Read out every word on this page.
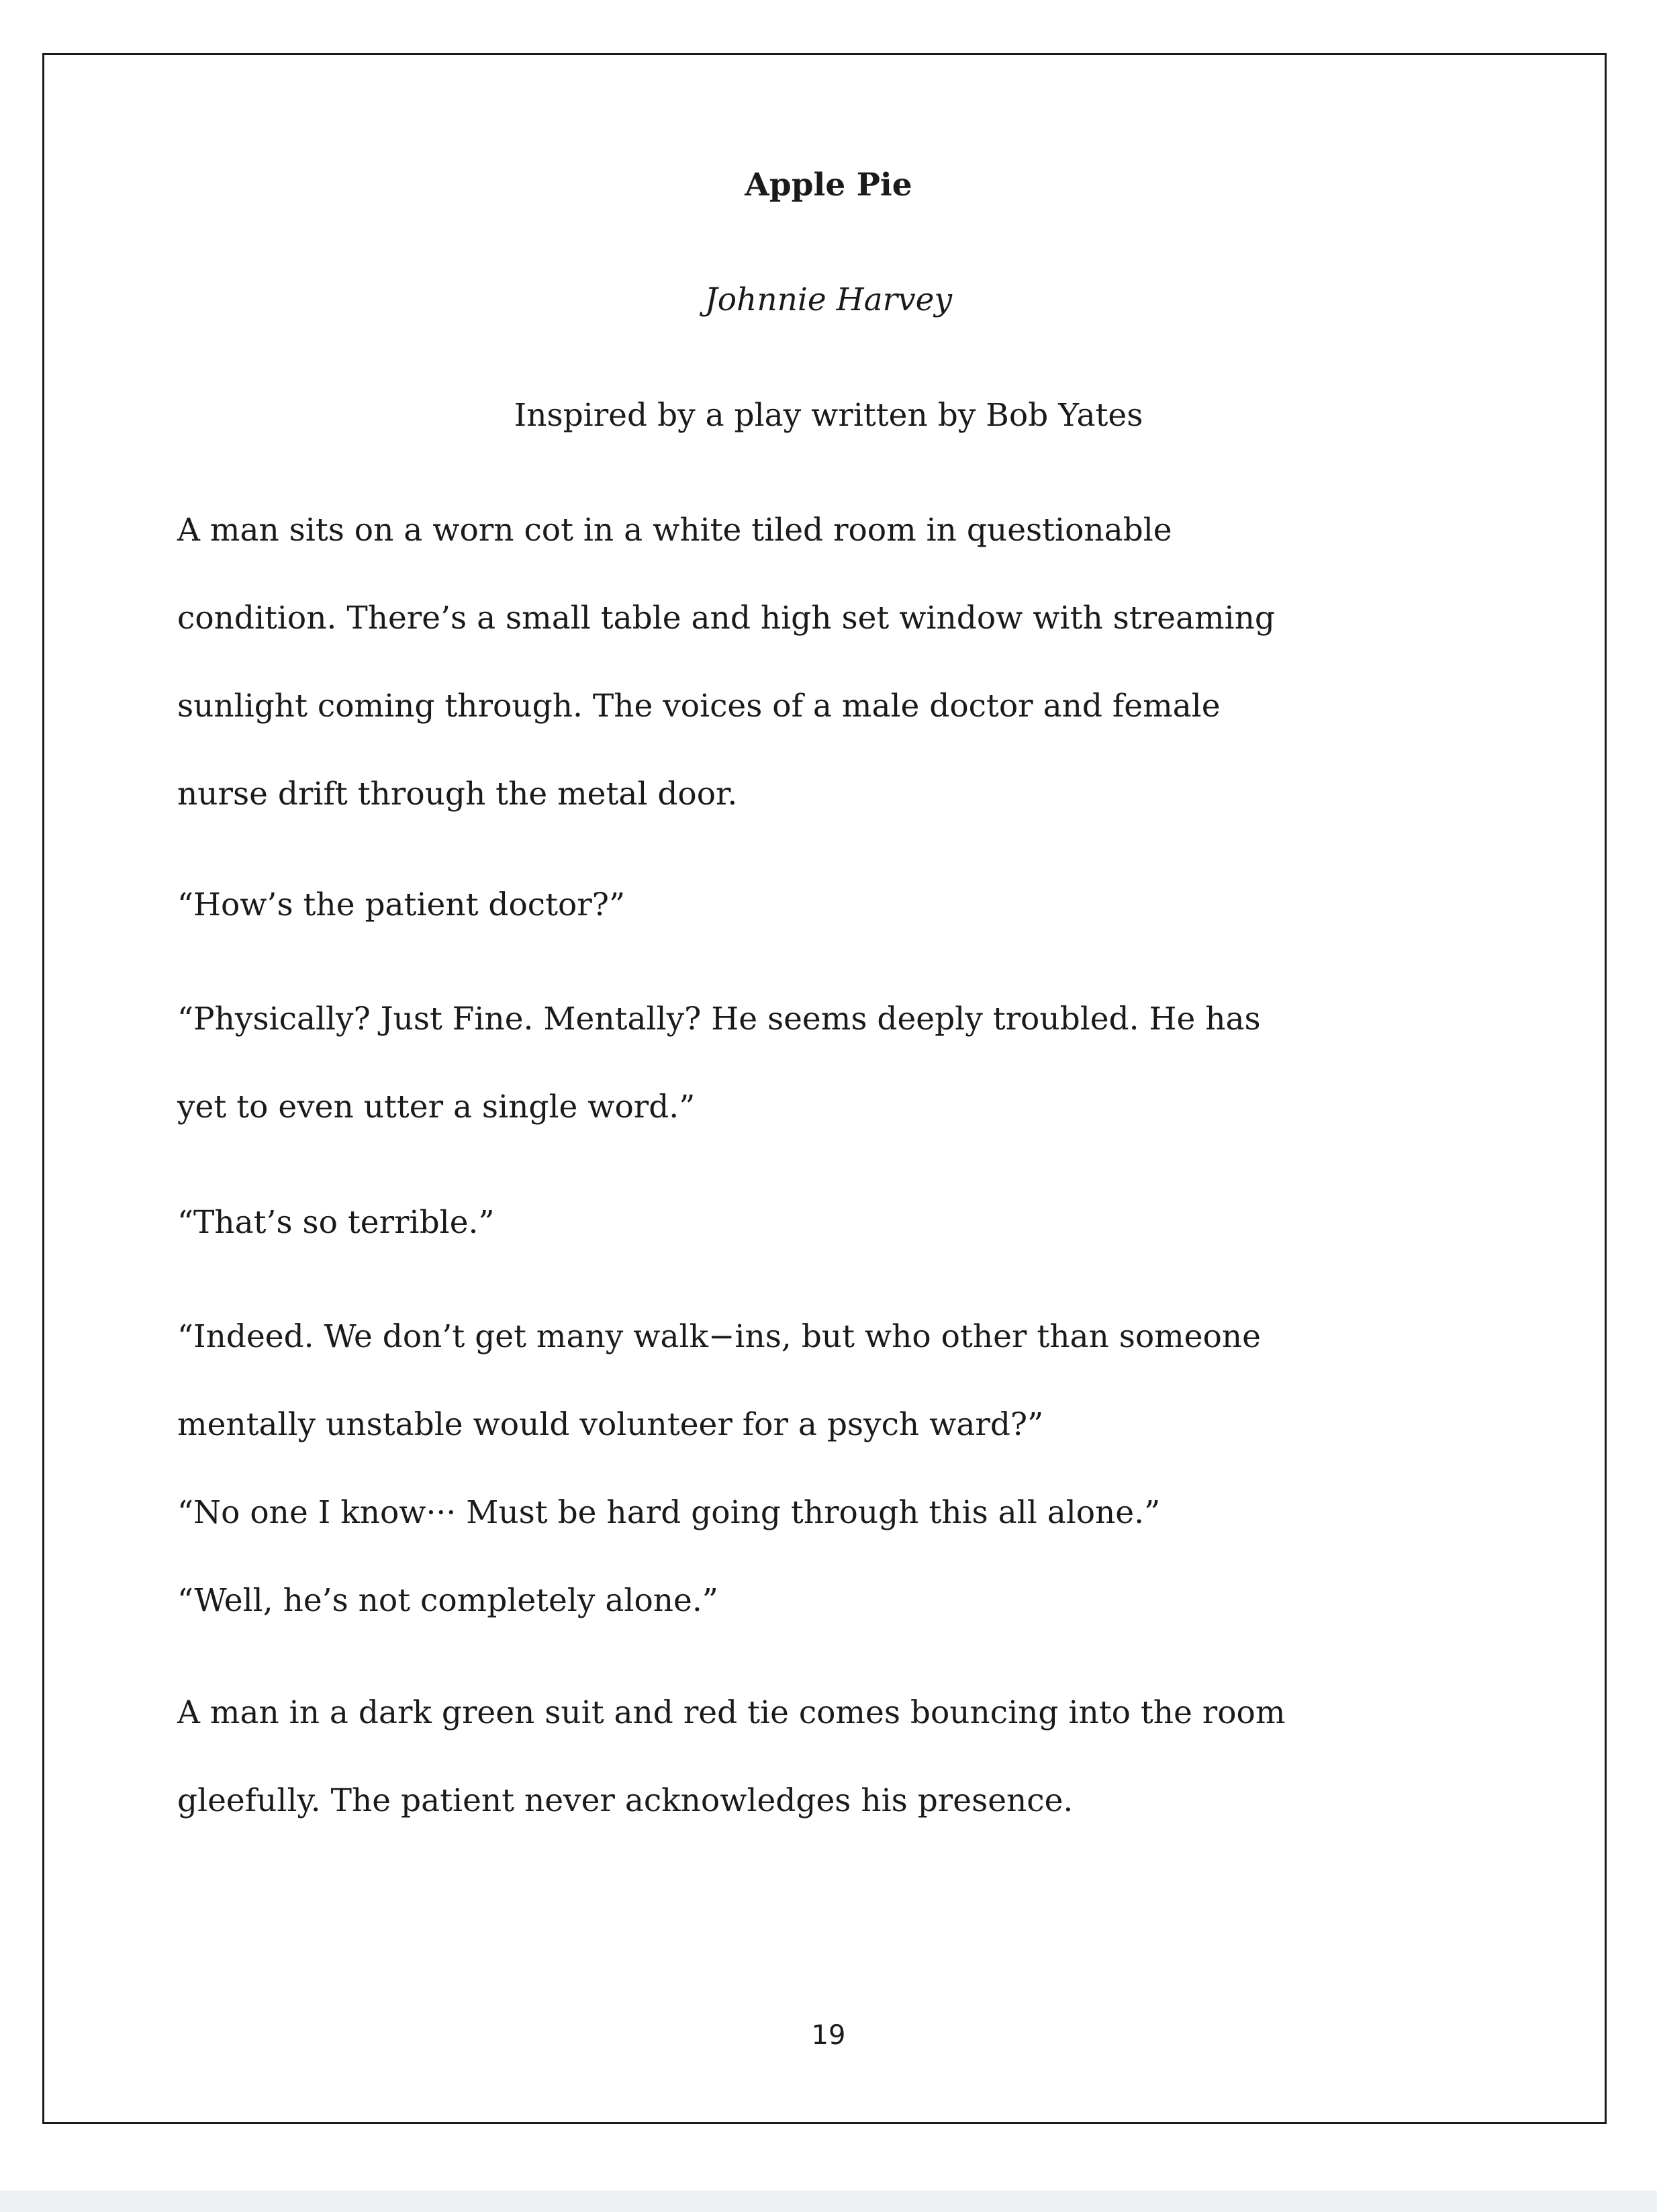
Apple Pie
Johnnie Harvey
Inspired by a play written by Bob Yates

A man sits on a worn cot in a white tiled room in questionable
condition. There’s a small table and high set window with streaming
sunlight coming through. The voices of a male doctor and female
nurse drift through the metal door.

“How’s the patient doctor?”

“Physically? Just Fine. Mentally? He seems deeply troubled. He has
yet to even utter a single word.”

“That’s so terrible.”

“Indeed. We don’t get many walk−ins, but who other than someone
mentally unstable would volunteer for a psych ward?”
“No one I know··· Must be hard going through this all alone.”
“Well, he’s not completely alone.”

A man in a dark green suit and red tie comes bouncing into the room
gleefully. The patient never acknowledges his presence.

19
